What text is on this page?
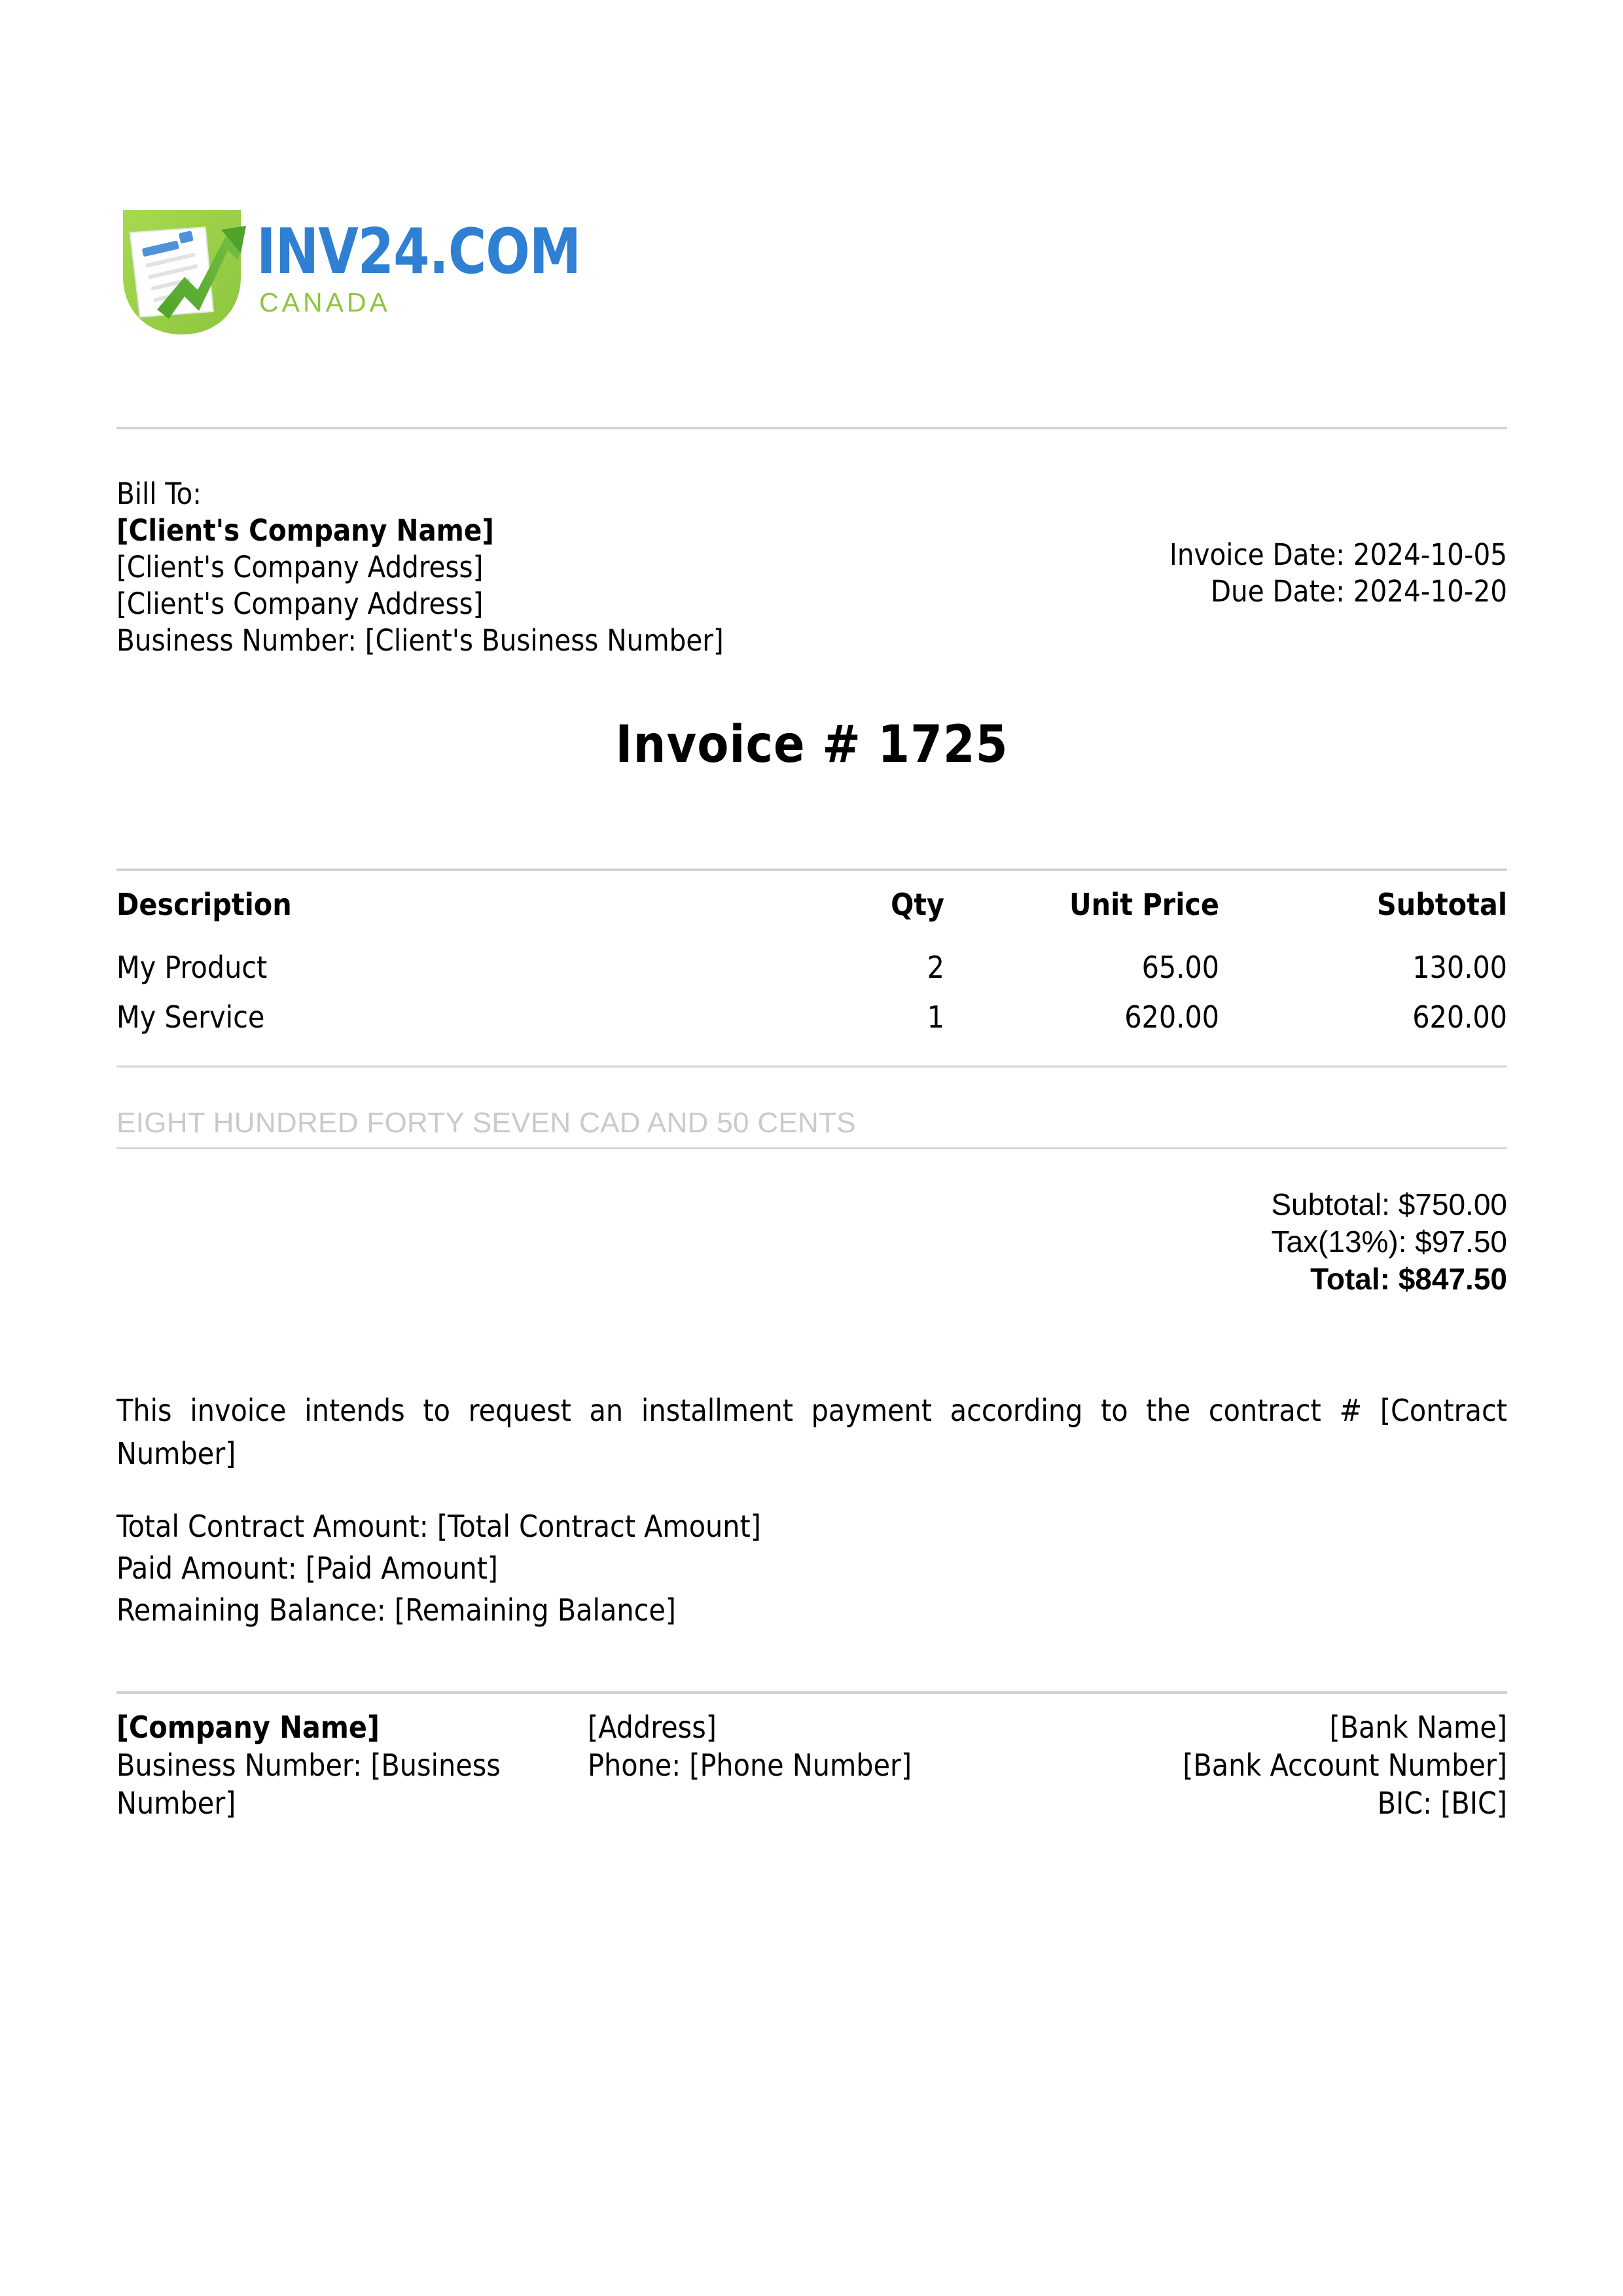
INV24.COM
CANADA
Bill To:
[Client's Company Name]
[Client's Company Address]
[Client's Company Address]
Business Number: [Client's Business Number]
Invoice Date: 2024-10-05
Due Date: 2024-10-20
Invoice # 1725
Description	Qty	Unit Price	Subtotal
My Product	2	65.00	130.00
My Service	1	620.00	620.00
EIGHT HUNDRED FORTY SEVEN CAD AND 50 CENTS
Subtotal: $750.00
Tax(13%): $97.50
Total: $847.50
This invoice intends to request an installment payment according to the contract # [Contract Number]
Total Contract Amount: [Total Contract Amount]
Paid Amount: [Paid Amount]
Remaining Balance: [Remaining Balance]
[Company Name]
Business Number: [Business Number]
[Address]
Phone: [Phone Number]
[Bank Name]
[Bank Account Number]
BIC: [BIC]
